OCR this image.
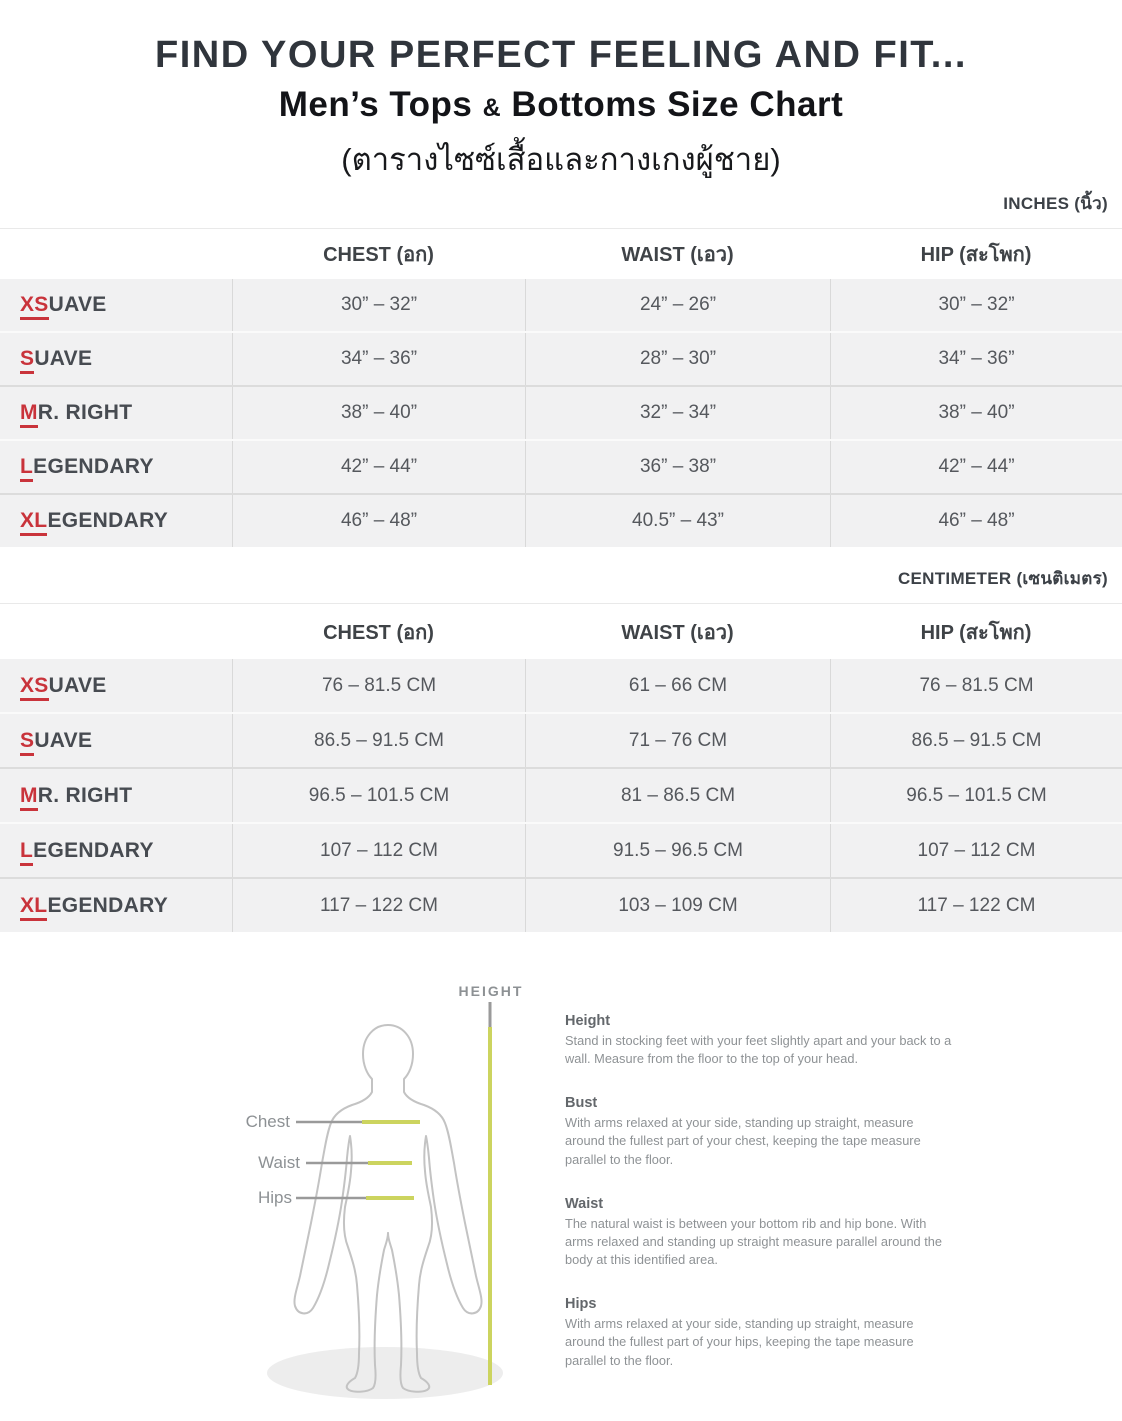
FIND YOUR PERFECT FEELING AND FIT...
Men’s Tops & Bottoms Size Chart
(ตารางไซซ์เสื้อและกางเกงผู้ชาย)
INCHES (นิ้ว)
CENTIMETER (เซนติเมตร)
CHEST (อก)	WAIST (เอว)	HIP (สะโพก)
XSUAVE	30” – 32”	24” – 26”	30” – 32”
SUAVE	34” – 36”	28” – 30”	34” – 36”
MR. RIGHT	38” – 40”	32” – 34”	38” – 40”
LEGENDARY	42” – 44”	36” – 38”	42” – 44”
XLEGENDARY	46” – 48”	40.5” – 43”	46” – 48”
CHEST (อก)	WAIST (เอว)	HIP (สะโพก)
XSUAVE	76 – 81.5 CM	61 – 66 CM	76 – 81.5 CM
SUAVE	86.5 – 91.5 CM	71 – 76 CM	86.5 – 91.5 CM
MR. RIGHT	96.5 – 101.5 CM	81 – 86.5 CM	96.5 – 101.5 CM
LEGENDARY	107 – 112 CM	91.5 – 96.5 CM	107 – 112 CM
XLEGENDARY	117 – 122 CM	103 – 109 CM	117 – 122 CM
HEIGHT
Chest
Waist
Hips
Height
Stand in stocking feet with your feet slightly apart and your back to a wall. Measure from the floor to the top of your head.
Bust
With arms relaxed at your side, standing up straight, measure around the fullest part of your chest, keeping the tape measure parallel to the floor.
Waist
The natural waist is between your bottom rib and hip bone. With arms relaxed and standing up straight measure parallel around the body at this identified area.
Hips
With arms relaxed at your side, standing up straight, measure around the fullest part of your hips, keeping the tape measure parallel to the floor.
